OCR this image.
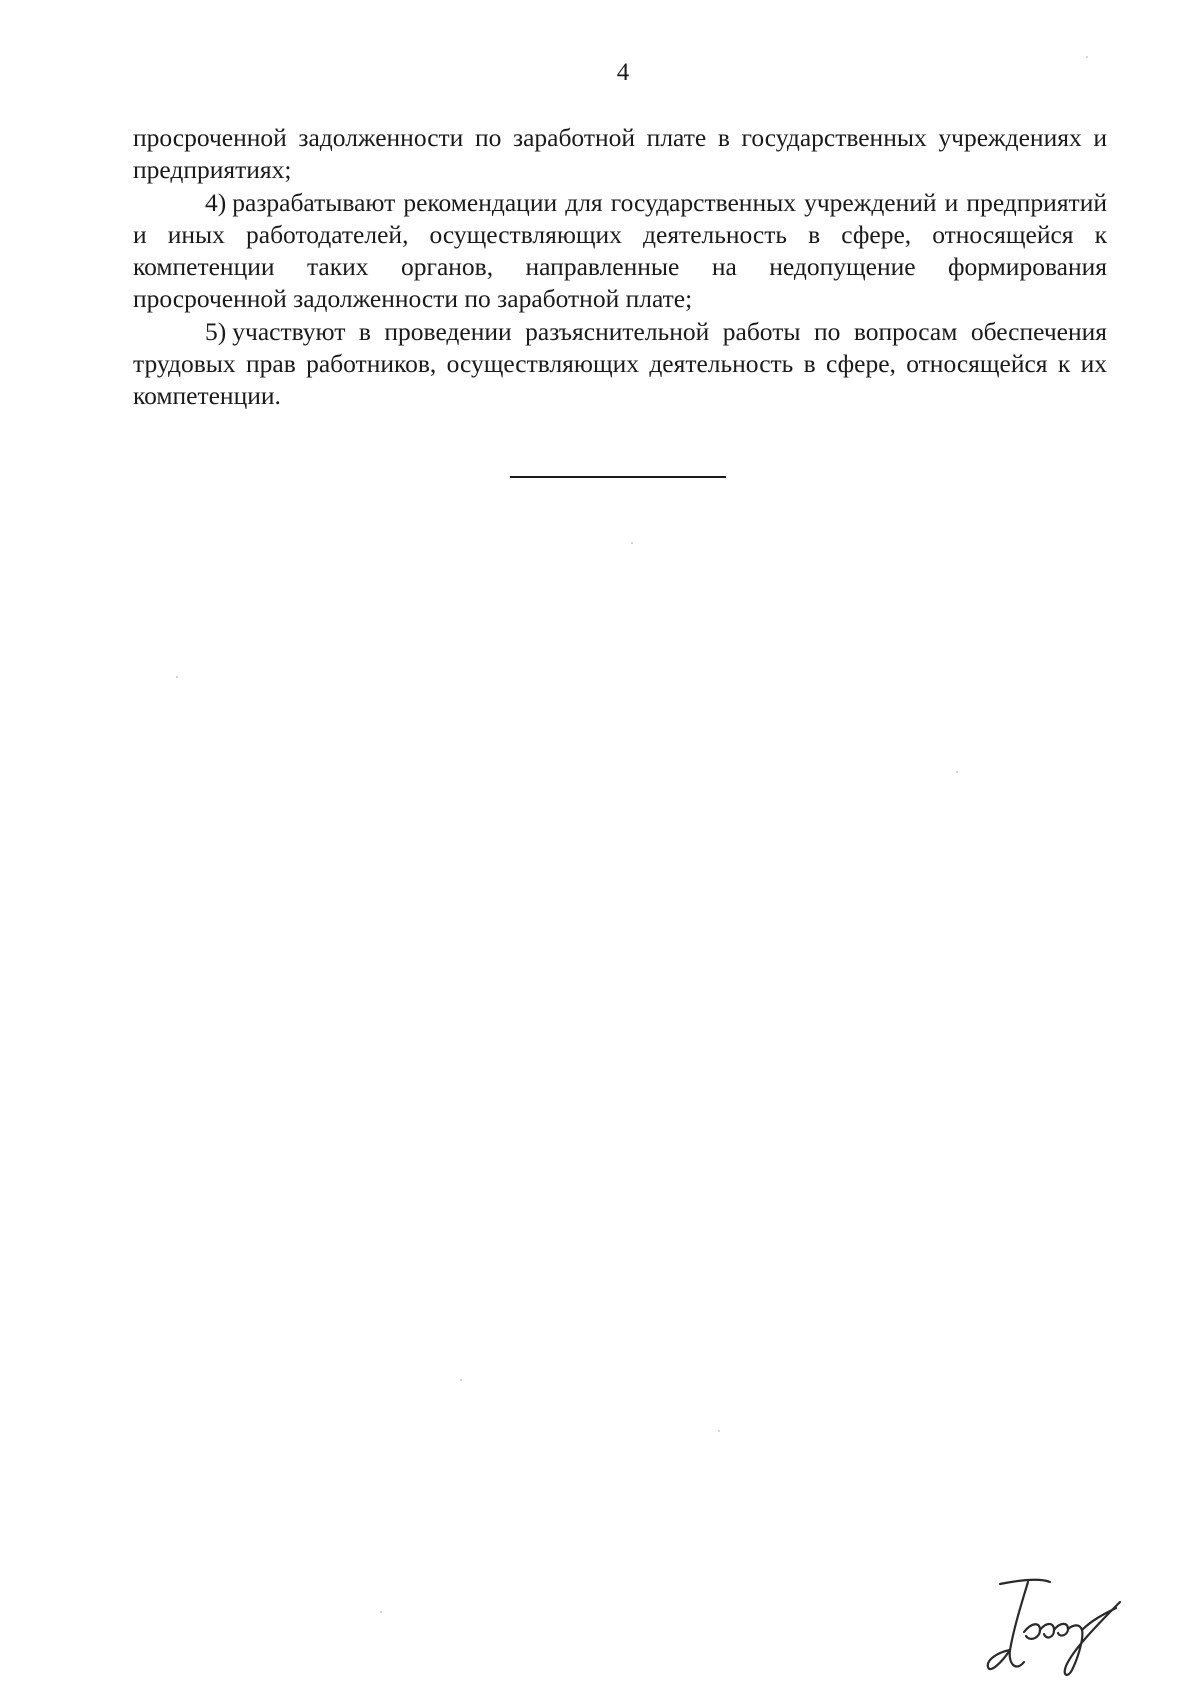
4

просроченной задолженности по заработной плате в государственных учреждениях и предприятиях;

4) разрабатывают рекомендации для государственных учреждений и предприятий и иных работодателей, осуществляющих деятельность в сфере, относящейся к компетенции таких органов, направленные на недопущение формирования просроченной задолженности по заработной плате;

5) участвуют в проведении разъяснительной работы по вопросам обеспечения трудовых прав работников, осуществляющих деятельность в сфере, относящейся к их компетенции.
